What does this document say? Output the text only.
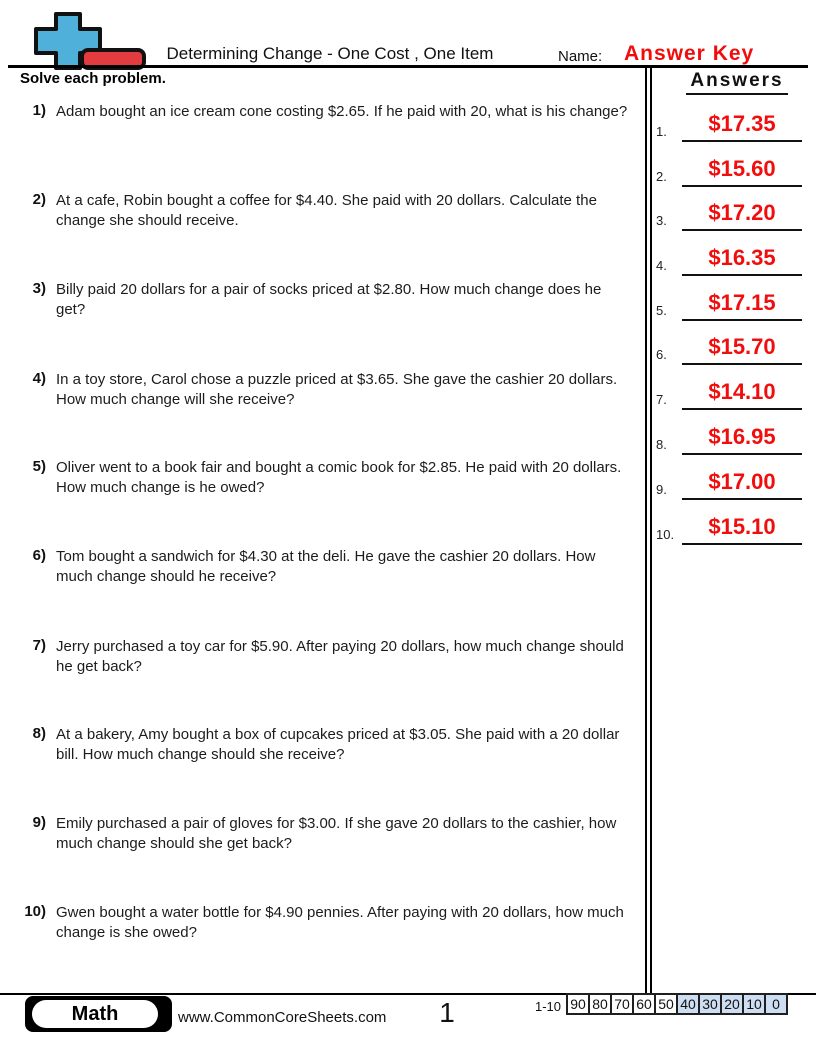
Determining Change - One Cost , One Item	Name: Answer Key
Solve each problem.
1) Adam bought an ice cream cone costing $2.65. If he paid with 20, what is his change?

2) At a cafe, Robin bought a coffee for $4.40. She paid with 20 dollars. Calculate the change she should receive.

3) Billy paid 20 dollars for a pair of socks priced at $2.80. How much change does he get?

4) In a toy store, Carol chose a puzzle priced at $3.65. She gave the cashier 20 dollars. How much change will she receive?

5) Oliver went to a book fair and bought a comic book for $2.85. He paid with 20 dollars. How much change is he owed?

6) Tom bought a sandwich for $4.30 at the deli. He gave the cashier 20 dollars. How much change should he receive?

7) Jerry purchased a toy car for $5.90. After paying 20 dollars, how much change should he get back?

8) At a bakery, Amy bought a box of cupcakes priced at $3.05. She paid with a 20 dollar bill. How much change should she receive?

9) Emily purchased a pair of gloves for $3.00. If she gave 20 dollars to the cashier, how much change should she get back?

10) Gwen bought a water bottle for $4.90 pennies. After paying with 20 dollars, how much change is she owed?

Answers
1.	$17.35
2.	$15.60
3.	$17.20
4.	$16.35
5.	$17.15
6.	$15.70
7.	$14.10
8.	$16.95
9.	$17.00
10.	$15.10
Math	www.CommonCoreSheets.com	1	1-10 90 80 70 60 50 40 30 20 10 0
